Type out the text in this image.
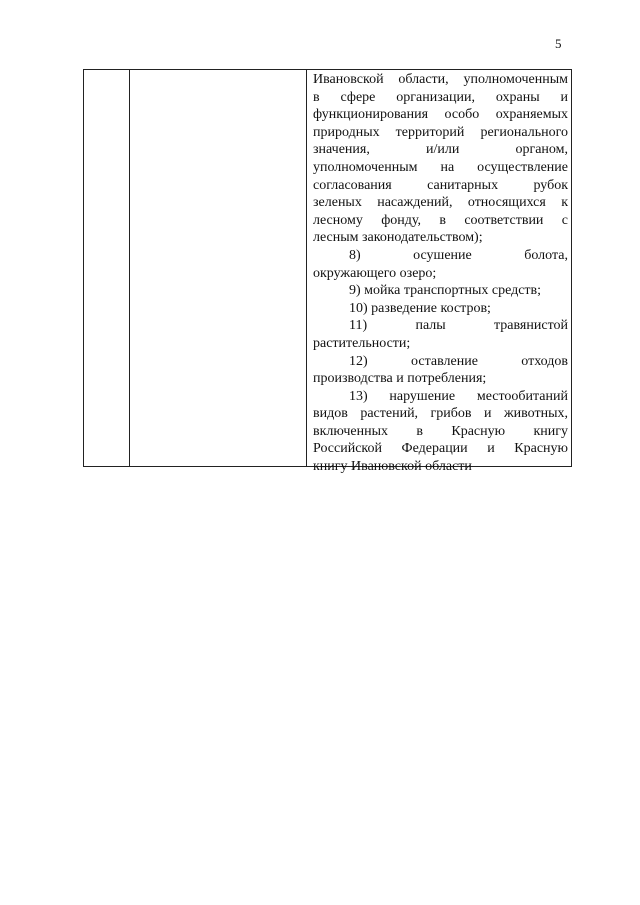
5

Ивановской области, уполномоченным
в сфере организации, охраны и
функционирования особо охраняемых
природных территорий регионального
значения, и/или органом,
уполномоченным на осуществление
согласования санитарных рубок
зеленых насаждений, относящихся к
лесному фонду, в соответствии с
лесным законодательством);

8) осушение болота,
окружающего озеро;

9) мойка транспортных средств;

10) разведение костров;

11) палы травянистой
растительности;

12) оставление отходов
производства и потребления;

13) нарушение местообитаний
видов растений, грибов и животных,
включенных в Красную книгу
Российской Федерации и Красную
книгу Ивановской области
